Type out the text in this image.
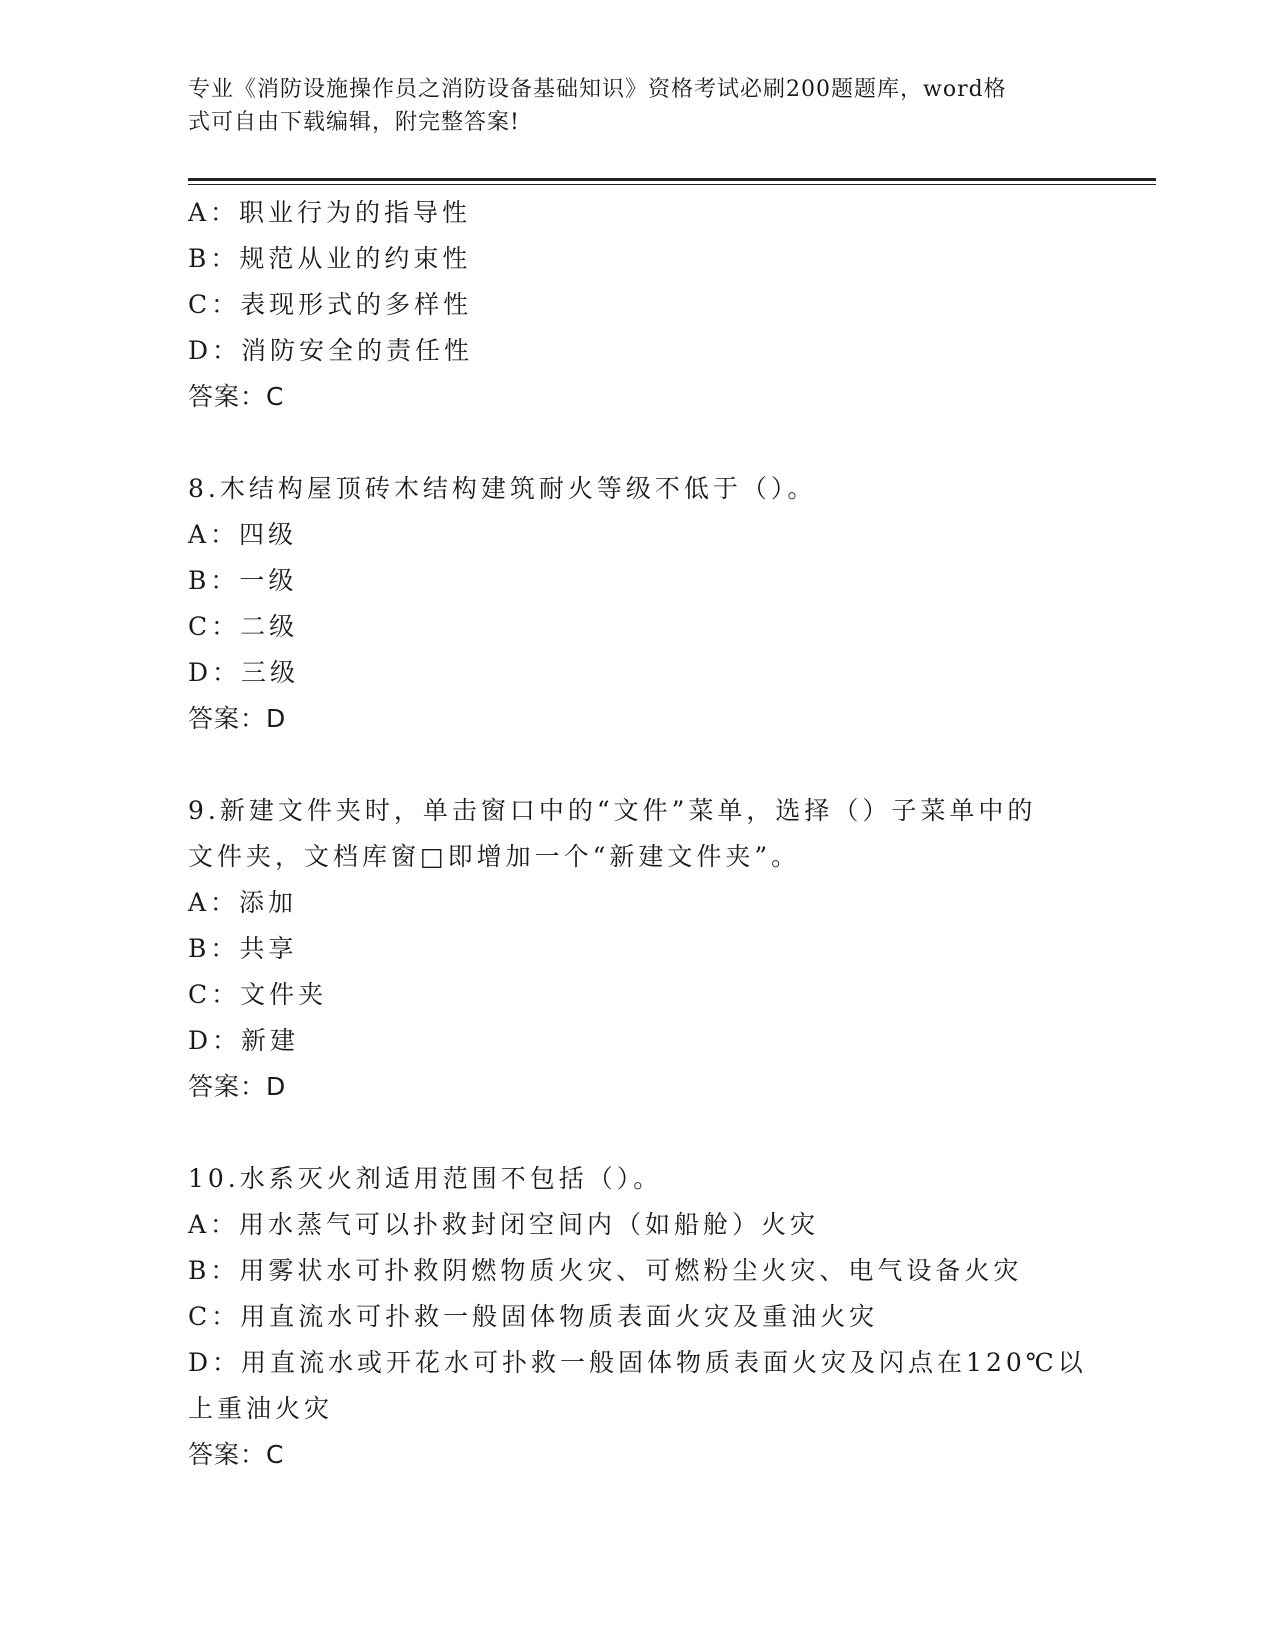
专业《消防设施操作员之消防设备基础知识》资格考试必刷200题题库，word格
式可自由下载编辑，附完整答案!
A：职业行为的指导性
B：规范从业的约束性
C：表现形式的多样性
D：消防安全的责任性
答案：C
8.木结构屋顶砖木结构建筑耐火等级不低于（）。
A：四级
B：一级
C：二级
D：三级
答案：D
9.新建文件夹时，单击窗口中的“文件”菜单，选择（）子菜单中的
文件夹，文档库窗□即增加一个“新建文件夹”。
A：添加
B：共享
C：文件夹
D：新建
答案：D
10.水系灭火剂适用范围不包括（）。
A：用水蒸气可以扑救封闭空间内（如船舱）火灾
B：用雾状水可扑救阴燃物质火灾、可燃粉尘火灾、电气设备火灾
C：用直流水可扑救一般固体物质表面火灾及重油火灾
D：用直流水或开花水可扑救一般固体物质表面火灾及闪点在120℃以
上重油火灾
答案：C
